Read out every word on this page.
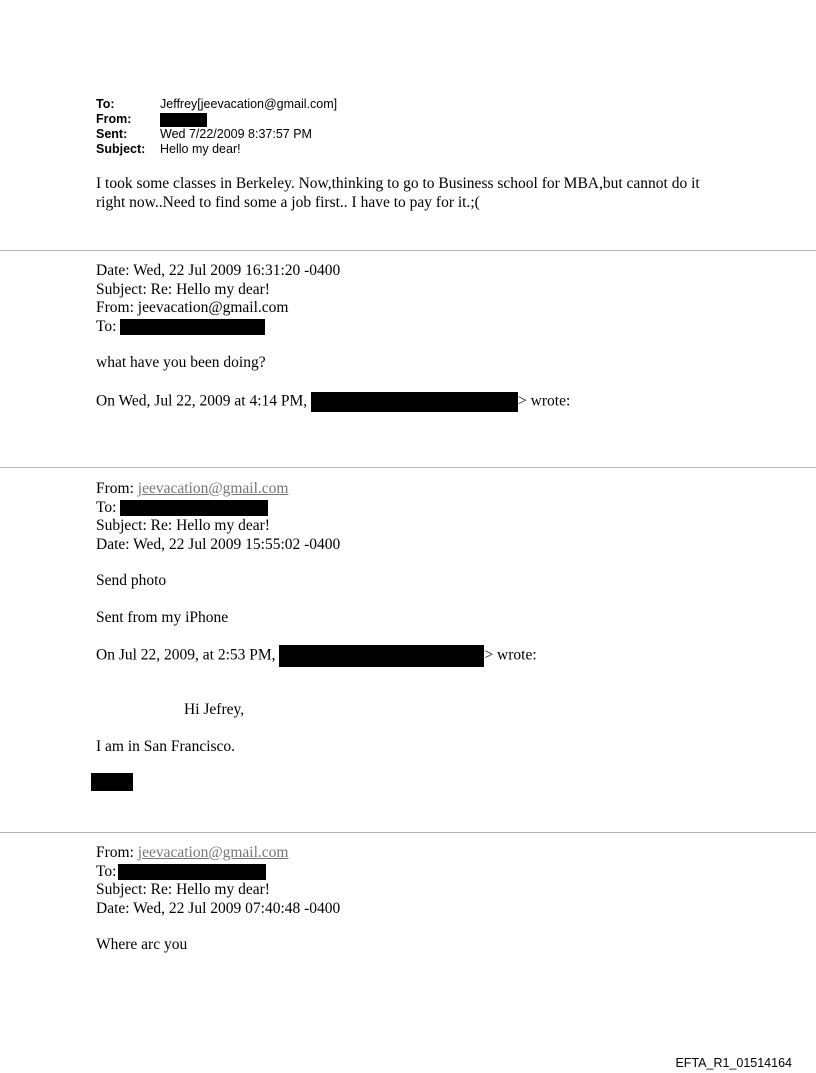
To:	Jeffrey[jeevacation@gmail.com]
From:
Sent:	Wed 7/22/2009 8:37:57 PM
Subject:	Hello my dear!
I took some classes in Berkeley. Now,thinking to go to Business school for MBA,but cannot do it
right now..Need to find some a job first.. I have to pay for it.;(
Date: Wed, 22 Jul 2009 16:31:20 -0400
Subject: Re: Hello my dear!
From: jeevacation@gmail.com
To:
what have you been doing?
On Wed, Jul 22, 2009 at 4:14 PM,	> wrote:
From: jeevacation@gmail.com
To:
Subject: Re: Hello my dear!
Date: Wed, 22 Jul 2009 15:55:02 -0400
Send photo
Sent from my iPhone
On Jul 22, 2009, at 2:53 PM,	> wrote:
Hi Jefrey,
I am in San Francisco.
From: jeevacation@gmail.com
To:
Subject: Re: Hello my dear!
Date: Wed, 22 Jul 2009 07:40:48 -0400
Where arc you
EFTA_R1_01514164
